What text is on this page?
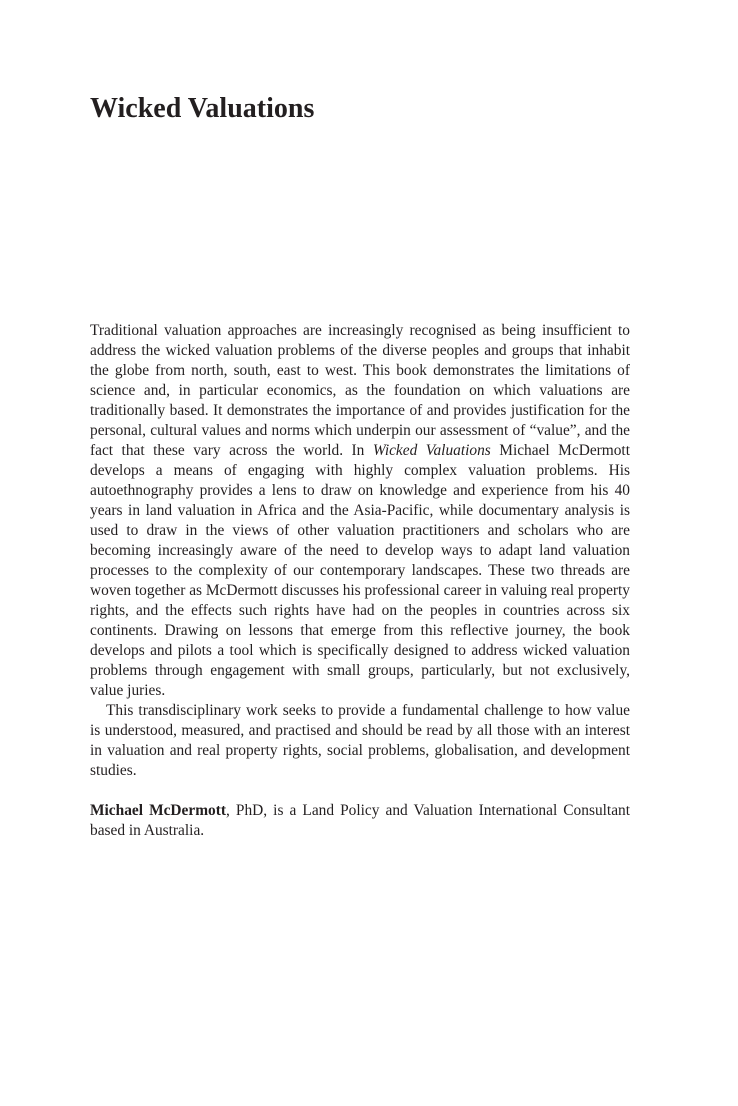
Wicked Valuations

Traditional valuation approaches are increasingly recognised as being insufficient to address the wicked valuation problems of the diverse peoples and groups that inhabit the globe from north, south, east to west. This book demonstrates the limitations of science and, in particular economics, as the foundation on which valuations are traditionally based. It demonstrates the importance of and provides justification for the personal, cultural values and norms which underpin our assessment of “value”, and the fact that these vary across the world. In Wicked Valuations Michael McDermott develops a means of engaging with highly complex valuation problems. His autoethnography provides a lens to draw on knowledge and experience from his 40 years in land valuation in Africa and the Asia-Pacific, while documentary analysis is used to draw in the views of other valuation practitioners and scholars who are becoming increasingly aware of the need to develop ways to adapt land valuation processes to the complexity of our contemporary landscapes. These two threads are woven together as McDermott discusses his professional career in valuing real property rights, and the effects such rights have had on the peoples in countries across six continents. Drawing on lessons that emerge from this reflective journey, the book develops and pilots a tool which is specifically designed to address wicked valuation problems through engagement with small groups, particularly, but not exclusively, value juries.

This transdisciplinary work seeks to provide a fundamental challenge to how value is understood, measured, and practised and should be read by all those with an interest in valuation and real property rights, social problems, globalisation, and development studies.

Michael McDermott, PhD, is a Land Policy and Valuation International Consultant based in Australia.
